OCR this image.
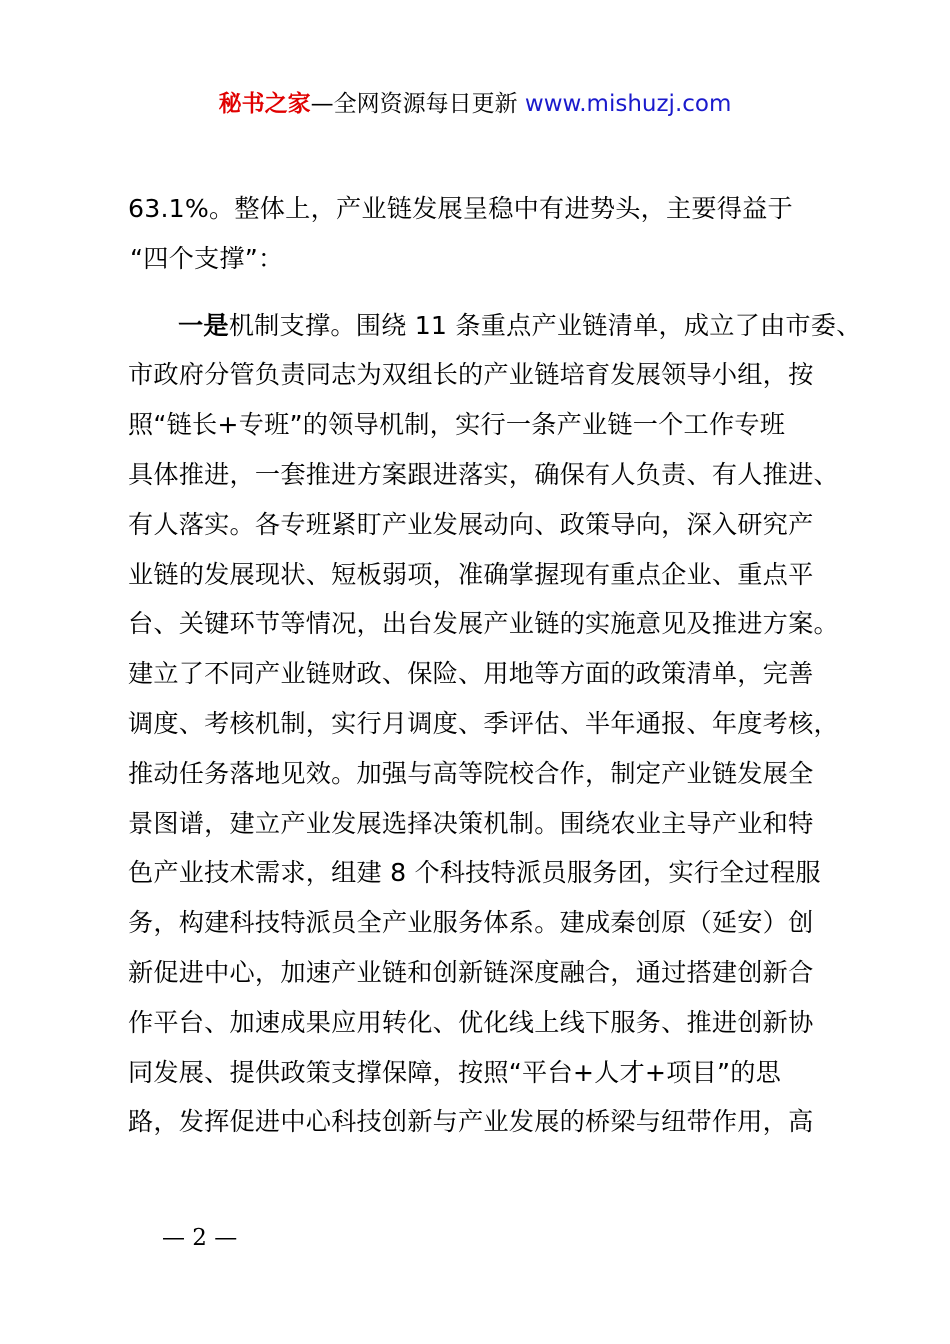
秘书之家—全网资源每日更新 www.mishuzj.com
63.1%。整体上，产业链发展呈稳中有进势头，主要得益于
“四个支撑”：
一是机制支撑。围绕 11 条重点产业链清单，成立了由市委、
市政府分管负责同志为双组长的产业链培育发展领导小组，按
照“链长+专班”的领导机制，实行一条产业链一个工作专班
具体推进，一套推进方案跟进落实，确保有人负责、有人推进、
有人落实。各专班紧盯产业发展动向、政策导向，深入研究产
业链的发展现状、短板弱项，准确掌握现有重点企业、重点平
台、关键环节等情况，出台发展产业链的实施意见及推进方案。
建立了不同产业链财政、保险、用地等方面的政策清单，完善
调度、考核机制，实行月调度、季评估、半年通报、年度考核，
推动任务落地见效。加强与高等院校合作，制定产业链发展全
景图谱，建立产业发展选择决策机制。围绕农业主导产业和特
色产业技术需求，组建 8 个科技特派员服务团，实行全过程服
务，构建科技特派员全产业服务体系。建成秦创原（延安）创
新促进中心，加速产业链和创新链深度融合，通过搭建创新合
作平台、加速成果应用转化、优化线上线下服务、推进创新协
同发展、提供政策支撑保障，按照“平台+人才+项目”的思
路，发挥促进中心科技创新与产业发展的桥梁与纽带作用，高
— 2 —
